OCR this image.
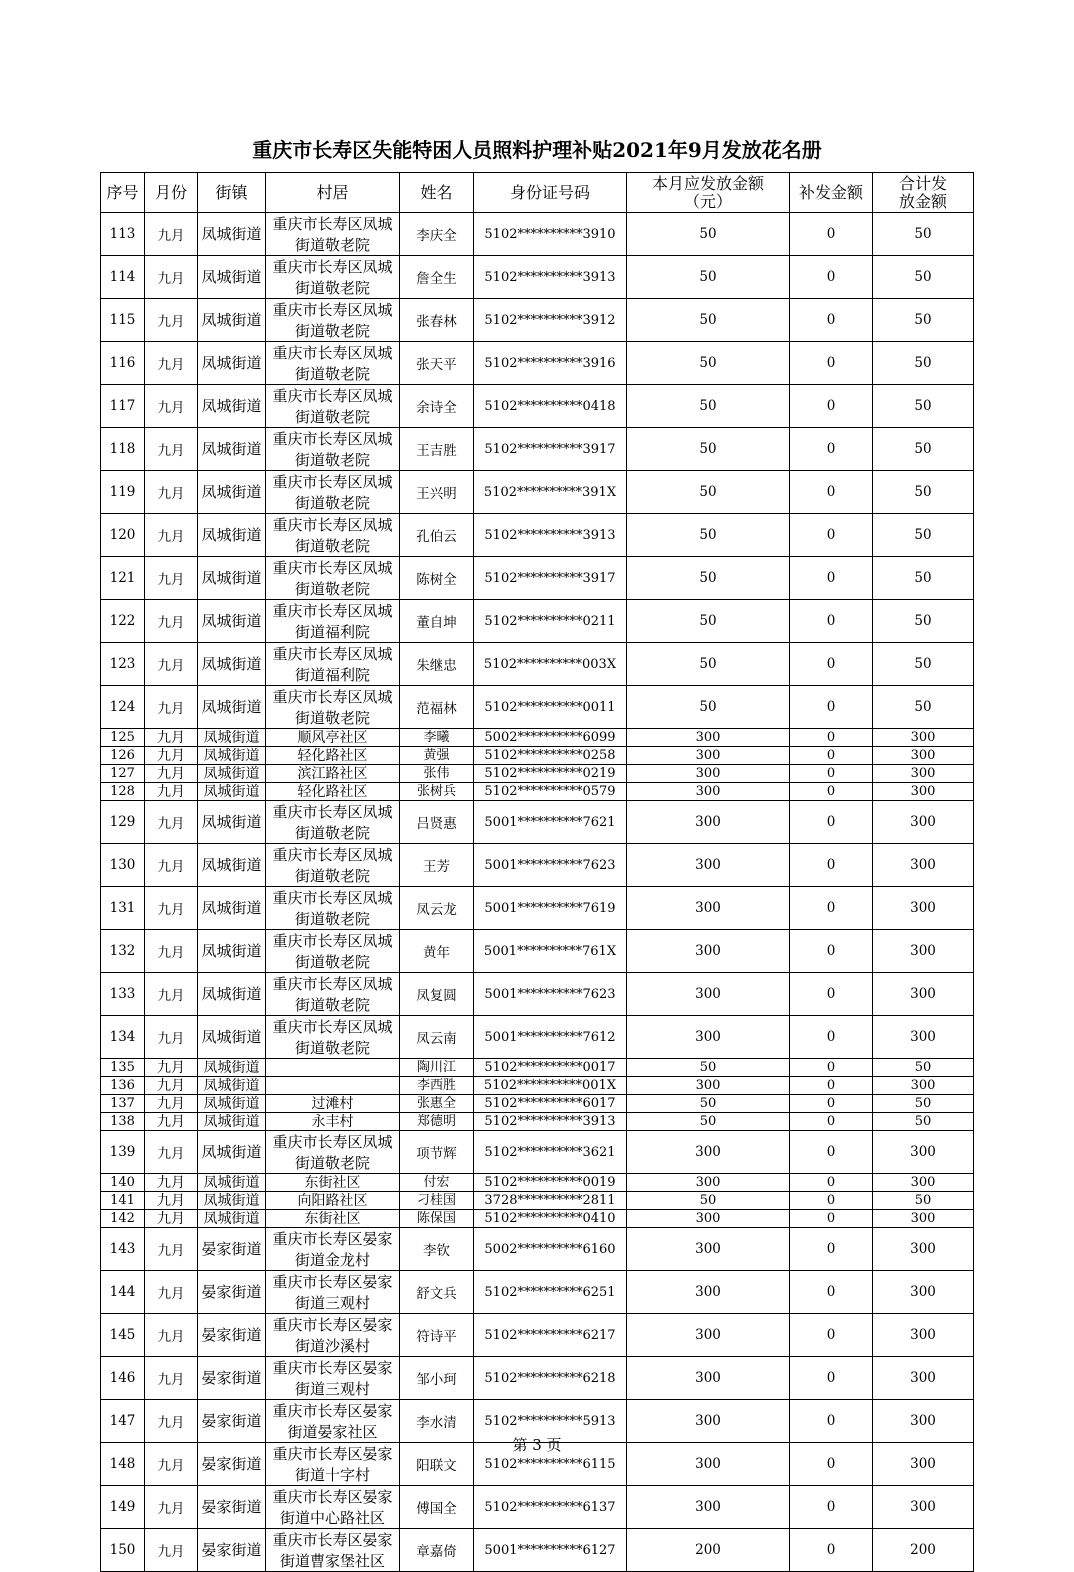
重庆市长寿区失能特困人员照料护理补贴2021年9月发放花名册
序号	月份	街镇	村居	姓名	身份证号码	本月应发放金额（元）	补发金额	合计发放金额
113	九月	凤城街道	重庆市长寿区凤城街道敬老院	李庆全	5102**********3910	50	0	50
114	九月	凤城街道	重庆市长寿区凤城街道敬老院	詹全生	5102**********3913	50	0	50
115	九月	凤城街道	重庆市长寿区凤城街道敬老院	张春林	5102**********3912	50	0	50
116	九月	凤城街道	重庆市长寿区凤城街道敬老院	张天平	5102**********3916	50	0	50
117	九月	凤城街道	重庆市长寿区凤城街道敬老院	余诗全	5102**********0418	50	0	50
118	九月	凤城街道	重庆市长寿区凤城街道敬老院	王吉胜	5102**********3917	50	0	50
119	九月	凤城街道	重庆市长寿区凤城街道敬老院	王兴明	5102**********391X	50	0	50
120	九月	凤城街道	重庆市长寿区凤城街道敬老院	孔伯云	5102**********3913	50	0	50
121	九月	凤城街道	重庆市长寿区凤城街道敬老院	陈树全	5102**********3917	50	0	50
122	九月	凤城街道	重庆市长寿区凤城街道福利院	董自坤	5102**********0211	50	0	50
123	九月	凤城街道	重庆市长寿区凤城街道福利院	朱继忠	5102**********003X	50	0	50
124	九月	凤城街道	重庆市长寿区凤城街道敬老院	范福林	5102**********0011	50	0	50
125	九月	凤城街道	顺风亭社区	李曦	5002**********6099	300	0	300
126	九月	凤城街道	轻化路社区	黄强	5102**********0258	300	0	300
127	九月	凤城街道	滨江路社区	张伟	5102**********0219	300	0	300
128	九月	凤城街道	轻化路社区	张树兵	5102**********0579	300	0	300
129	九月	凤城街道	重庆市长寿区凤城街道敬老院	吕贤惠	5001**********7621	300	0	300
130	九月	凤城街道	重庆市长寿区凤城街道敬老院	王芳	5001**********7623	300	0	300
131	九月	凤城街道	重庆市长寿区凤城街道敬老院	凤云龙	5001**********7619	300	0	300
132	九月	凤城街道	重庆市长寿区凤城街道敬老院	黄年	5001**********761X	300	0	300
133	九月	凤城街道	重庆市长寿区凤城街道敬老院	凤复圆	5001**********7623	300	0	300
134	九月	凤城街道	重庆市长寿区凤城街道敬老院	凤云南	5001**********7612	300	0	300
135	九月	凤城街道		陶川江	5102**********0017	50	0	50
136	九月	凤城街道		李西胜	5102**********001X	300	0	300
137	九月	凤城街道	过滩村	张惠全	5102**********6017	50	0	50
138	九月	凤城街道	永丰村	郑德明	5102**********3913	50	0	50
139	九月	凤城街道	重庆市长寿区凤城街道敬老院	项节辉	5102**********3621	300	0	300
140	九月	凤城街道	东街社区	付宏	5102**********0019	300	0	300
141	九月	凤城街道	向阳路社区	刁桂国	3728**********2811	50	0	50
142	九月	凤城街道	东街社区	陈保国	5102**********0410	300	0	300
143	九月	晏家街道	重庆市长寿区晏家街道金龙村	李钦	5002**********6160	300	0	300
144	九月	晏家街道	重庆市长寿区晏家街道三观村	舒文兵	5102**********6251	300	0	300
145	九月	晏家街道	重庆市长寿区晏家街道沙溪村	符诗平	5102**********6217	300	0	300
146	九月	晏家街道	重庆市长寿区晏家街道三观村	邹小珂	5102**********6218	300	0	300
147	九月	晏家街道	重庆市长寿区晏家街道晏家社区	李水清	5102**********5913	300	0	300
148	九月	晏家街道	重庆市长寿区晏家街道十字村	阳联文	5102**********6115	300	0	300
149	九月	晏家街道	重庆市长寿区晏家街道中心路社区	傅国全	5102**********6137	300	0	300
150	九月	晏家街道	重庆市长寿区晏家街道曹家堡社区	章嘉倚	5001**********6127	200	0	200
第 3 页
